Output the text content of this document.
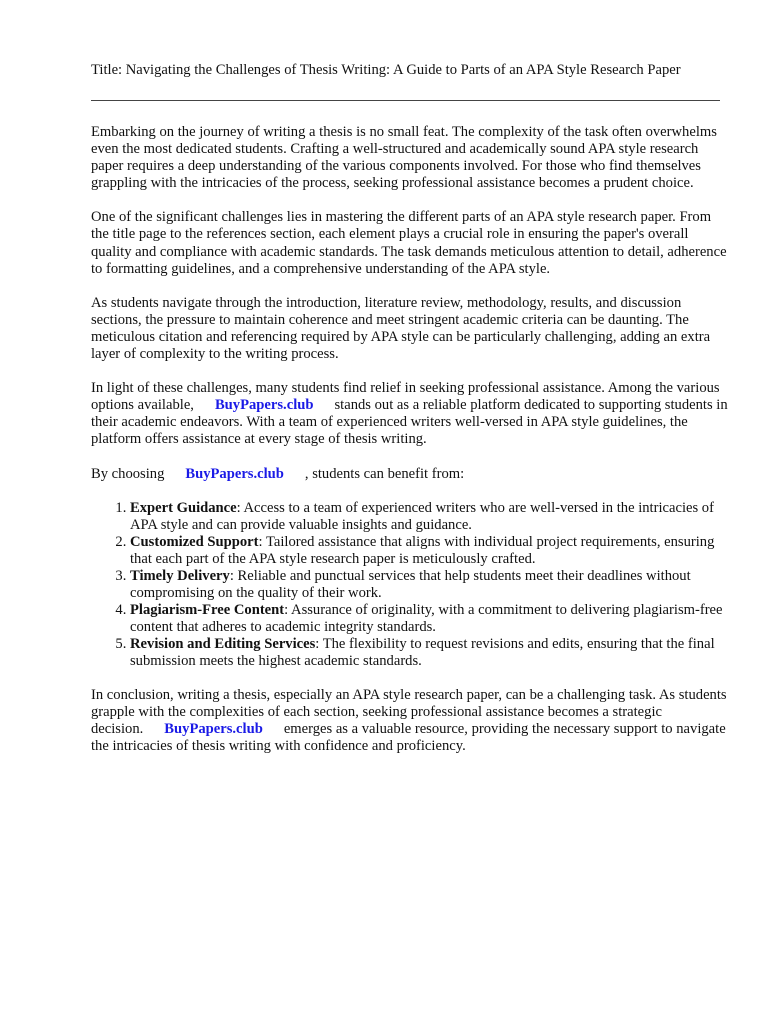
Title: Navigating the Challenges of Thesis Writing: A Guide to Parts of an APA Style Research Paper

Embarking on the journey of writing a thesis is no small feat. The complexity of the task often overwhelms even the most dedicated students. Crafting a well-structured and academically sound APA style research paper requires a deep understanding of the various components involved. For those who find themselves grappling with the intricacies of the process, seeking professional assistance becomes a prudent choice.

One of the significant challenges lies in mastering the different parts of an APA style research paper. From the title page to the references section, each element plays a crucial role in ensuring the paper's overall quality and compliance with academic standards. The task demands meticulous attention to detail, adherence to formatting guidelines, and a comprehensive understanding of the APA style.

As students navigate through the introduction, literature review, methodology, results, and discussion sections, the pressure to maintain coherence and meet stringent academic criteria can be daunting. The meticulous citation and referencing required by APA style can be particularly challenging, adding an extra layer of complexity to the writing process.

In light of these challenges, many students find relief in seeking professional assistance. Among the various options available, BuyPapers.club stands out as a reliable platform dedicated to supporting students in their academic endeavors. With a team of experienced writers well-versed in APA style guidelines, the platform offers assistance at every stage of thesis writing.

By choosing BuyPapers.club , students can benefit from:

1. Expert Guidance: Access to a team of experienced writers who are well-versed in the intricacies of APA style and can provide valuable insights and guidance.
2. Customized Support: Tailored assistance that aligns with individual project requirements, ensuring that each part of the APA style research paper is meticulously crafted.
3. Timely Delivery: Reliable and punctual services that help students meet their deadlines without compromising on the quality of their work.
4. Plagiarism-Free Content: Assurance of originality, with a commitment to delivering plagiarism-free content that adheres to academic integrity standards.
5. Revision and Editing Services: The flexibility to request revisions and edits, ensuring that the final submission meets the highest academic standards.

In conclusion, writing a thesis, especially an APA style research paper, can be a challenging task. As students grapple with the complexities of each section, seeking professional assistance becomes a strategic decision. BuyPapers.club emerges as a valuable resource, providing the necessary support to navigate the intricacies of thesis writing with confidence and proficiency.
